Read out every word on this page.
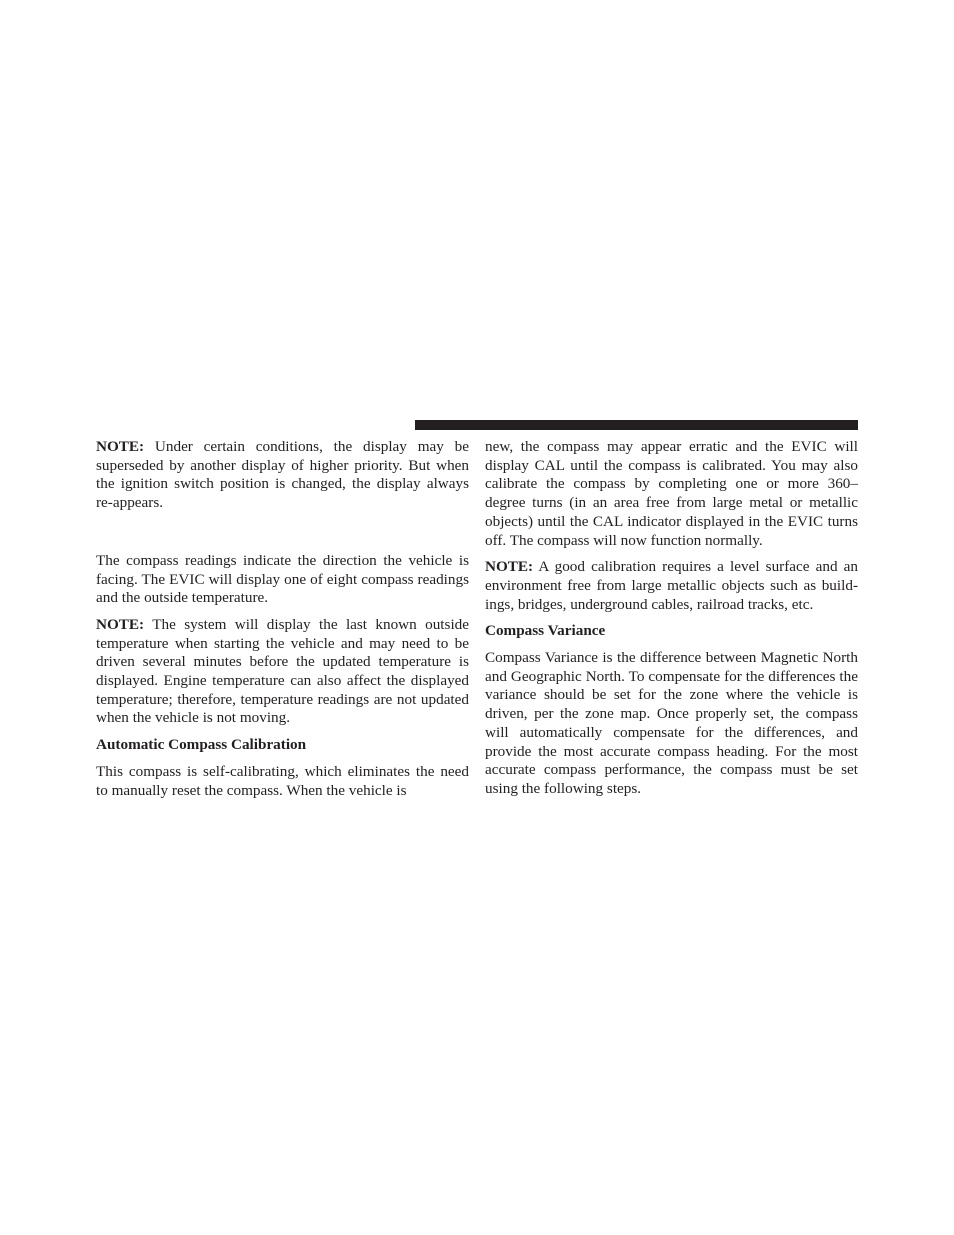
NOTE: Under certain conditions, the display may be superseded by another display of higher priority. But when the ignition switch position is changed, the display always re-appears.

The compass readings indicate the direction the vehicle is facing. The EVIC will display one of eight compass readings and the outside temperature.

NOTE: The system will display the last known outside temperature when starting the vehicle and may need to be driven several minutes before the updated temperature is displayed. Engine temperature can also affect the displayed temperature; therefore, temperature readings are not updated when the vehicle is not moving.

Automatic Compass Calibration

This compass is self-calibrating, which eliminates the need to manually reset the compass. When the vehicle is

new, the compass may appear erratic and the EVIC will display CAL until the compass is calibrated. You may also calibrate the compass by completing one or more 360–degree turns (in an area free from large metal or metallic objects) until the CAL indicator displayed in the EVIC turns off. The compass will now function normally.

NOTE: A good calibration requires a level surface and an environment free from large metallic objects such as buildings, bridges, underground cables, railroad tracks, etc.

Compass Variance

Compass Variance is the difference between Magnetic North and Geographic North. To compensate for the differences the variance should be set for the zone where the vehicle is driven, per the zone map. Once properly set, the compass will automatically compensate for the differences, and provide the most accurate compass heading. For the most accurate compass performance, the compass must be set using the following steps.
